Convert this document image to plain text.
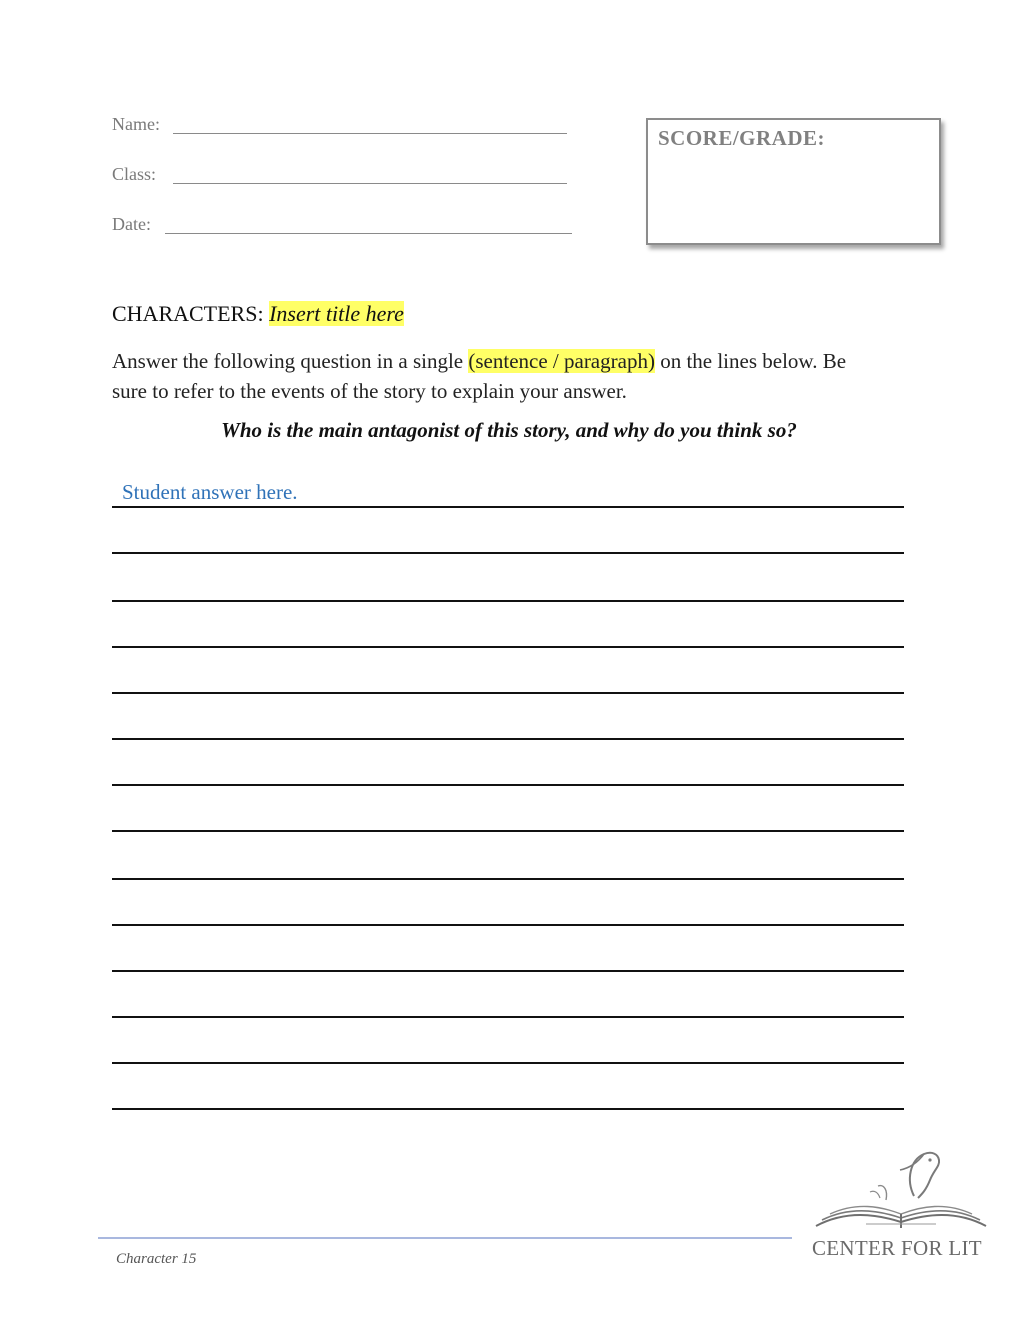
Name:
Class:
Date:
SCORE/GRADE:
CHARACTERS: Insert title here
Answer the following question in a single (sentence / paragraph) on the lines below. Be sure to refer to the events of the story to explain your answer.
Who is the main antagonist of this story, and why do you think so?
Student answer here.
Character 15	CENTER FOR LIT
